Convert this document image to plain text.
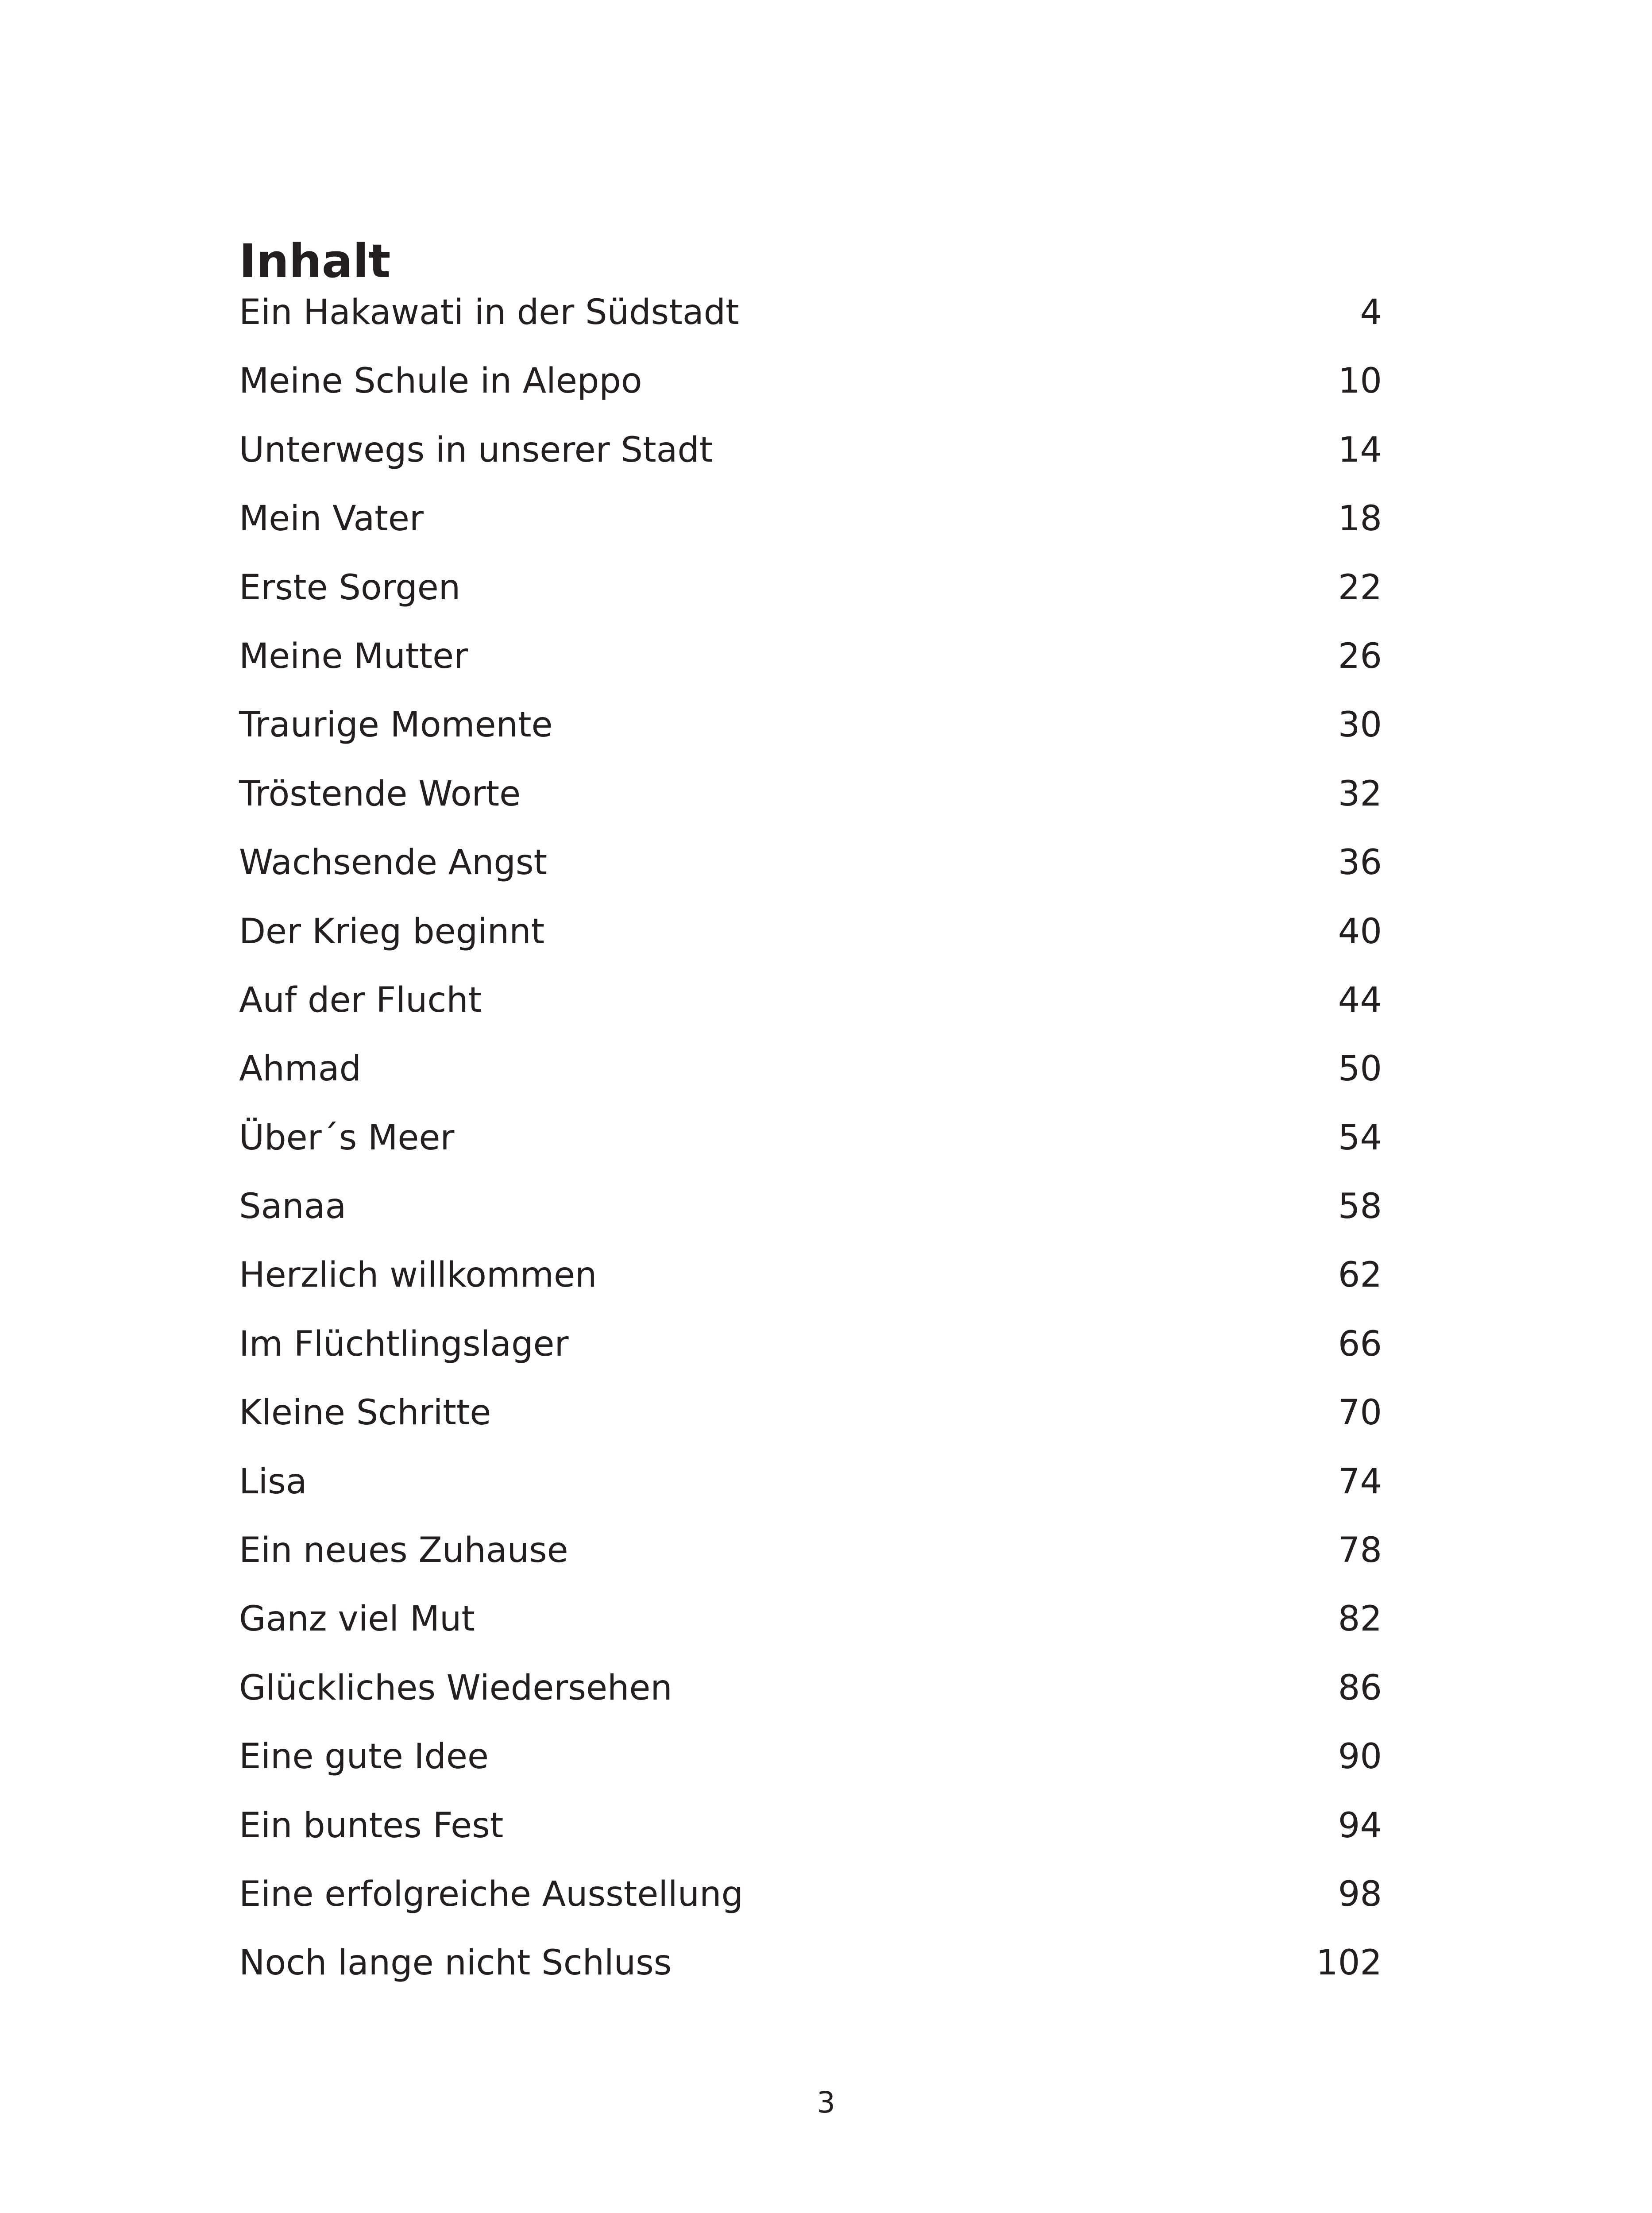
Inhalt
Ein Hakawati in der Südstadt	4
Meine Schule in Aleppo	10
Unterwegs in unserer Stadt	14
Mein Vater	18
Erste Sorgen	22
Meine Mutter	26
Traurige Momente	30
Tröstende Worte	32
Wachsende Angst	36
Der Krieg beginnt	40
Auf der Flucht	44
Ahmad	50
Über´s Meer	54
Sanaa	58
Herzlich willkommen	62
Im Flüchtlingslager	66
Kleine Schritte	70
Lisa	74
Ein neues Zuhause	78
Ganz viel Mut	82
Glückliches Wiedersehen	86
Eine gute Idee	90
Ein buntes Fest	94
Eine erfolgreiche Ausstellung	98
Noch lange nicht Schluss	102
3
